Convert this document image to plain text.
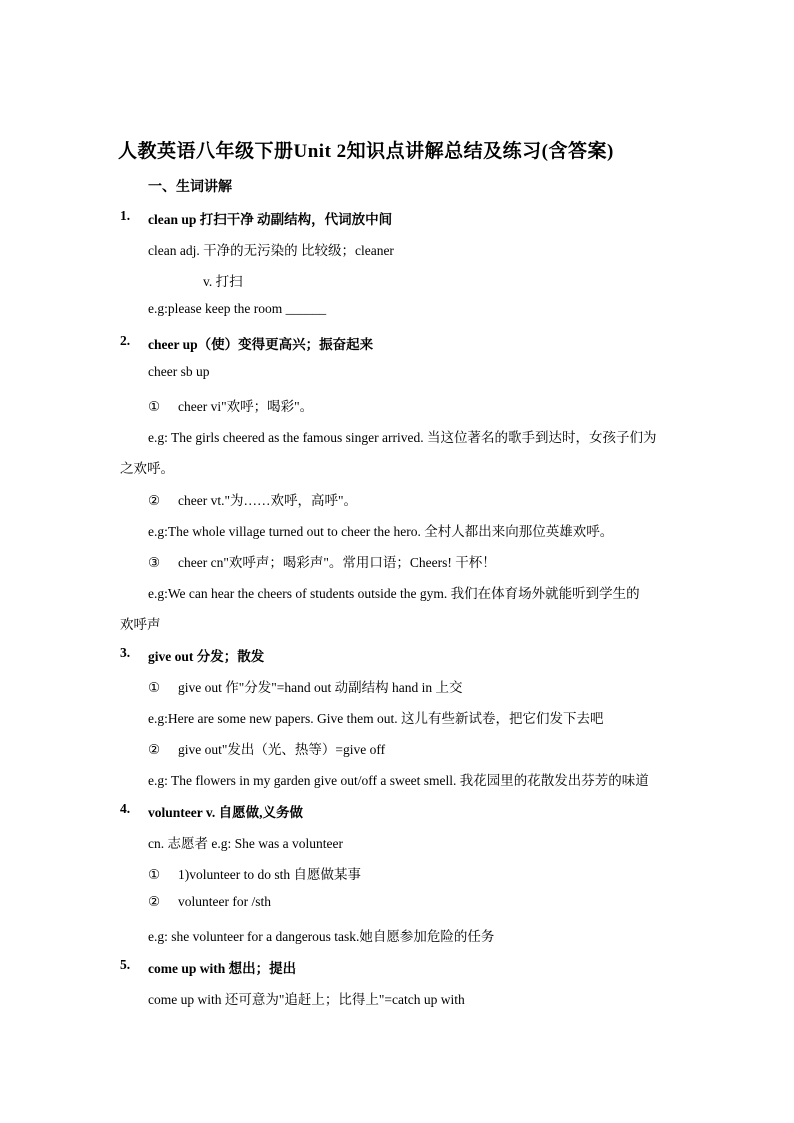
人教英语八年级下册Unit 2知识点讲解总结及练习(含答案)
一、生词讲解
1. clean up 打扫干净 动副结构，代词放中间
clean adj. 干净的无污染的 比较级；cleaner
v. 打扫
e.g:please keep the room ______
2. cheer up（使）变得更高兴；振奋起来
cheer sb up
① cheer vi"欢呼；喝彩"。
e.g: The girls cheered as the famous singer arrived. 当这位著名的歌手到达时，女孩子们为
之欢呼。
② cheer vt."为……欢呼，高呼"。
e.g:The whole village turned out to cheer the hero. 全村人都出来向那位英雄欢呼。
③ cheer cn"欢呼声；喝彩声"。常用口语；Cheers! 干杯！
e.g:We can hear the cheers of students outside the gym. 我们在体育场外就能听到学生的
欢呼声
3. give out 分发；散发
① give out 作"分发"=hand out 动副结构 hand in 上交
e.g:Here are some new papers. Give them out. 这儿有些新试卷，把它们发下去吧
② give out"发出（光、热等）=give off
e.g: The flowers in my garden give out/off a sweet smell. 我花园里的花散发出芬芳的味道
4. volunteer v. 自愿做,义务做
cn. 志愿者 e.g: She was a volunteer
① 1)volunteer to do sth 自愿做某事
② volunteer for /sth
e.g: she volunteer for a dangerous task.她自愿参加危险的任务
5. come up with 想出；提出
come up with 还可意为"追赶上；比得上"=catch up with
